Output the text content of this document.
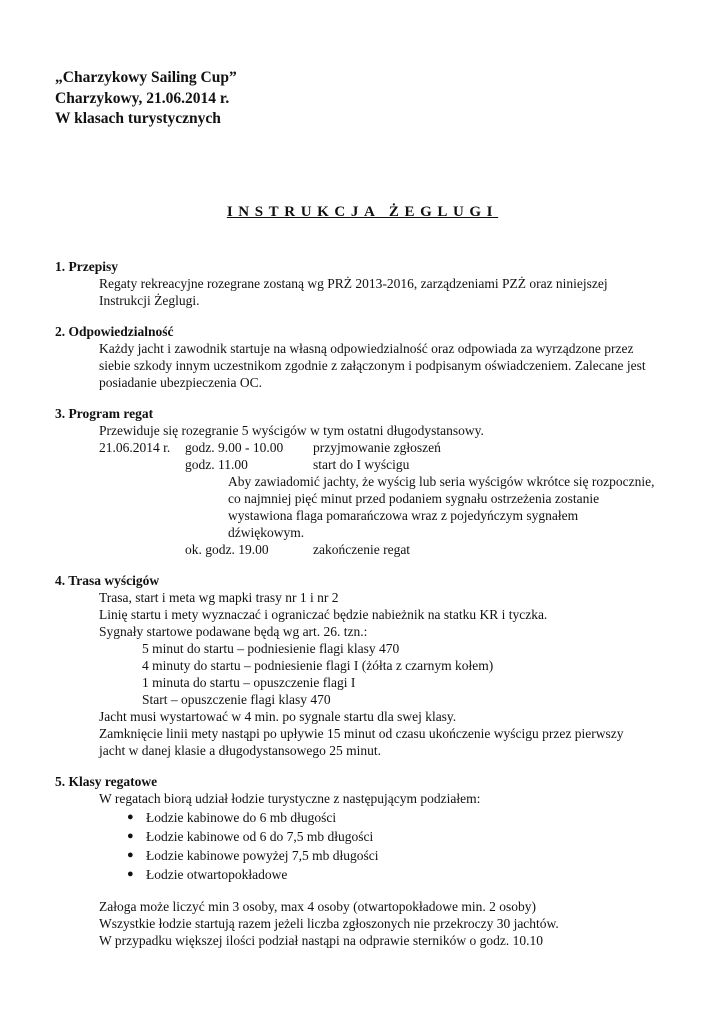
„Charzykowy Sailing Cup”
Charzykowy, 21.06.2014 r.
W klasach turystycznych
INSTRUKCJA ŻEGLUGI
1. Przepisy
Regaty rekreacyjne rozegrane zostaną wg PRŻ 2013-2016, zarządzeniami PZŻ oraz niniejszej
Instrukcji Żeglugi.
2. Odpowiedzialność
Każdy jacht i zawodnik startuje na własną odpowiedzialność oraz odpowiada za wyrządzone przez
siebie szkody innym uczestnikom zgodnie z załączonym i podpisanym oświadczeniem. Zalecane jest
posiadanie ubezpieczenia OC.
3. Program regat
Przewiduje się rozegranie 5 wyścigów w tym ostatni długodystansowy.
21.06.2014 r. godz. 9.00 - 10.00 przyjmowanie zgłoszeń
godz. 11.00	start do I wyścigu
Aby zawiadomić jachty, że wyścig lub seria wyścigów wkrótce się rozpocznie,
co najmniej pięć minut przed podaniem sygnału ostrzeżenia zostanie
wystawiona flaga pomarańczowa wraz z pojedyńczym sygnałem
dźwiękowym.
ok. godz. 19.00	zakończenie regat
4. Trasa wyścigów
Trasa, start i meta wg mapki trasy nr 1 i nr 2
Linię startu i mety wyznaczać i ograniczać będzie nabieżnik na statku KR i tyczka.
Sygnały startowe podawane będą wg art. 26. tzn.:
5 minut do startu – podniesienie flagi klasy 470
4 minuty do startu – podniesienie flagi I (żółta z czarnym kołem)
1 minuta do startu – opuszczenie flagi I
Start – opuszczenie flagi klasy 470
Jacht musi wystartować w 4 min. po sygnale startu dla swej klasy.
Zamknięcie linii mety nastąpi po upływie 15 minut od czasu ukończenie wyścigu przez pierwszy
jacht w danej klasie a długodystansowego 25 minut.
5. Klasy regatowe
W regatach biorą udział łodzie turystyczne z następującym podziałem:
● Łodzie kabinowe do 6 mb długości
● Łodzie kabinowe od 6 do 7,5 mb długości
● Łodzie kabinowe powyżej 7,5 mb długości
● Łodzie otwartopokładowe
Załoga może liczyć min 3 osoby, max 4 osoby (otwartopokładowe min. 2 osoby)
Wszystkie łodzie startują razem jeżeli liczba zgłoszonych nie przekroczy 30 jachtów.
W przypadku większej ilości podział nastąpi na odprawie sterników o godz. 10.10
